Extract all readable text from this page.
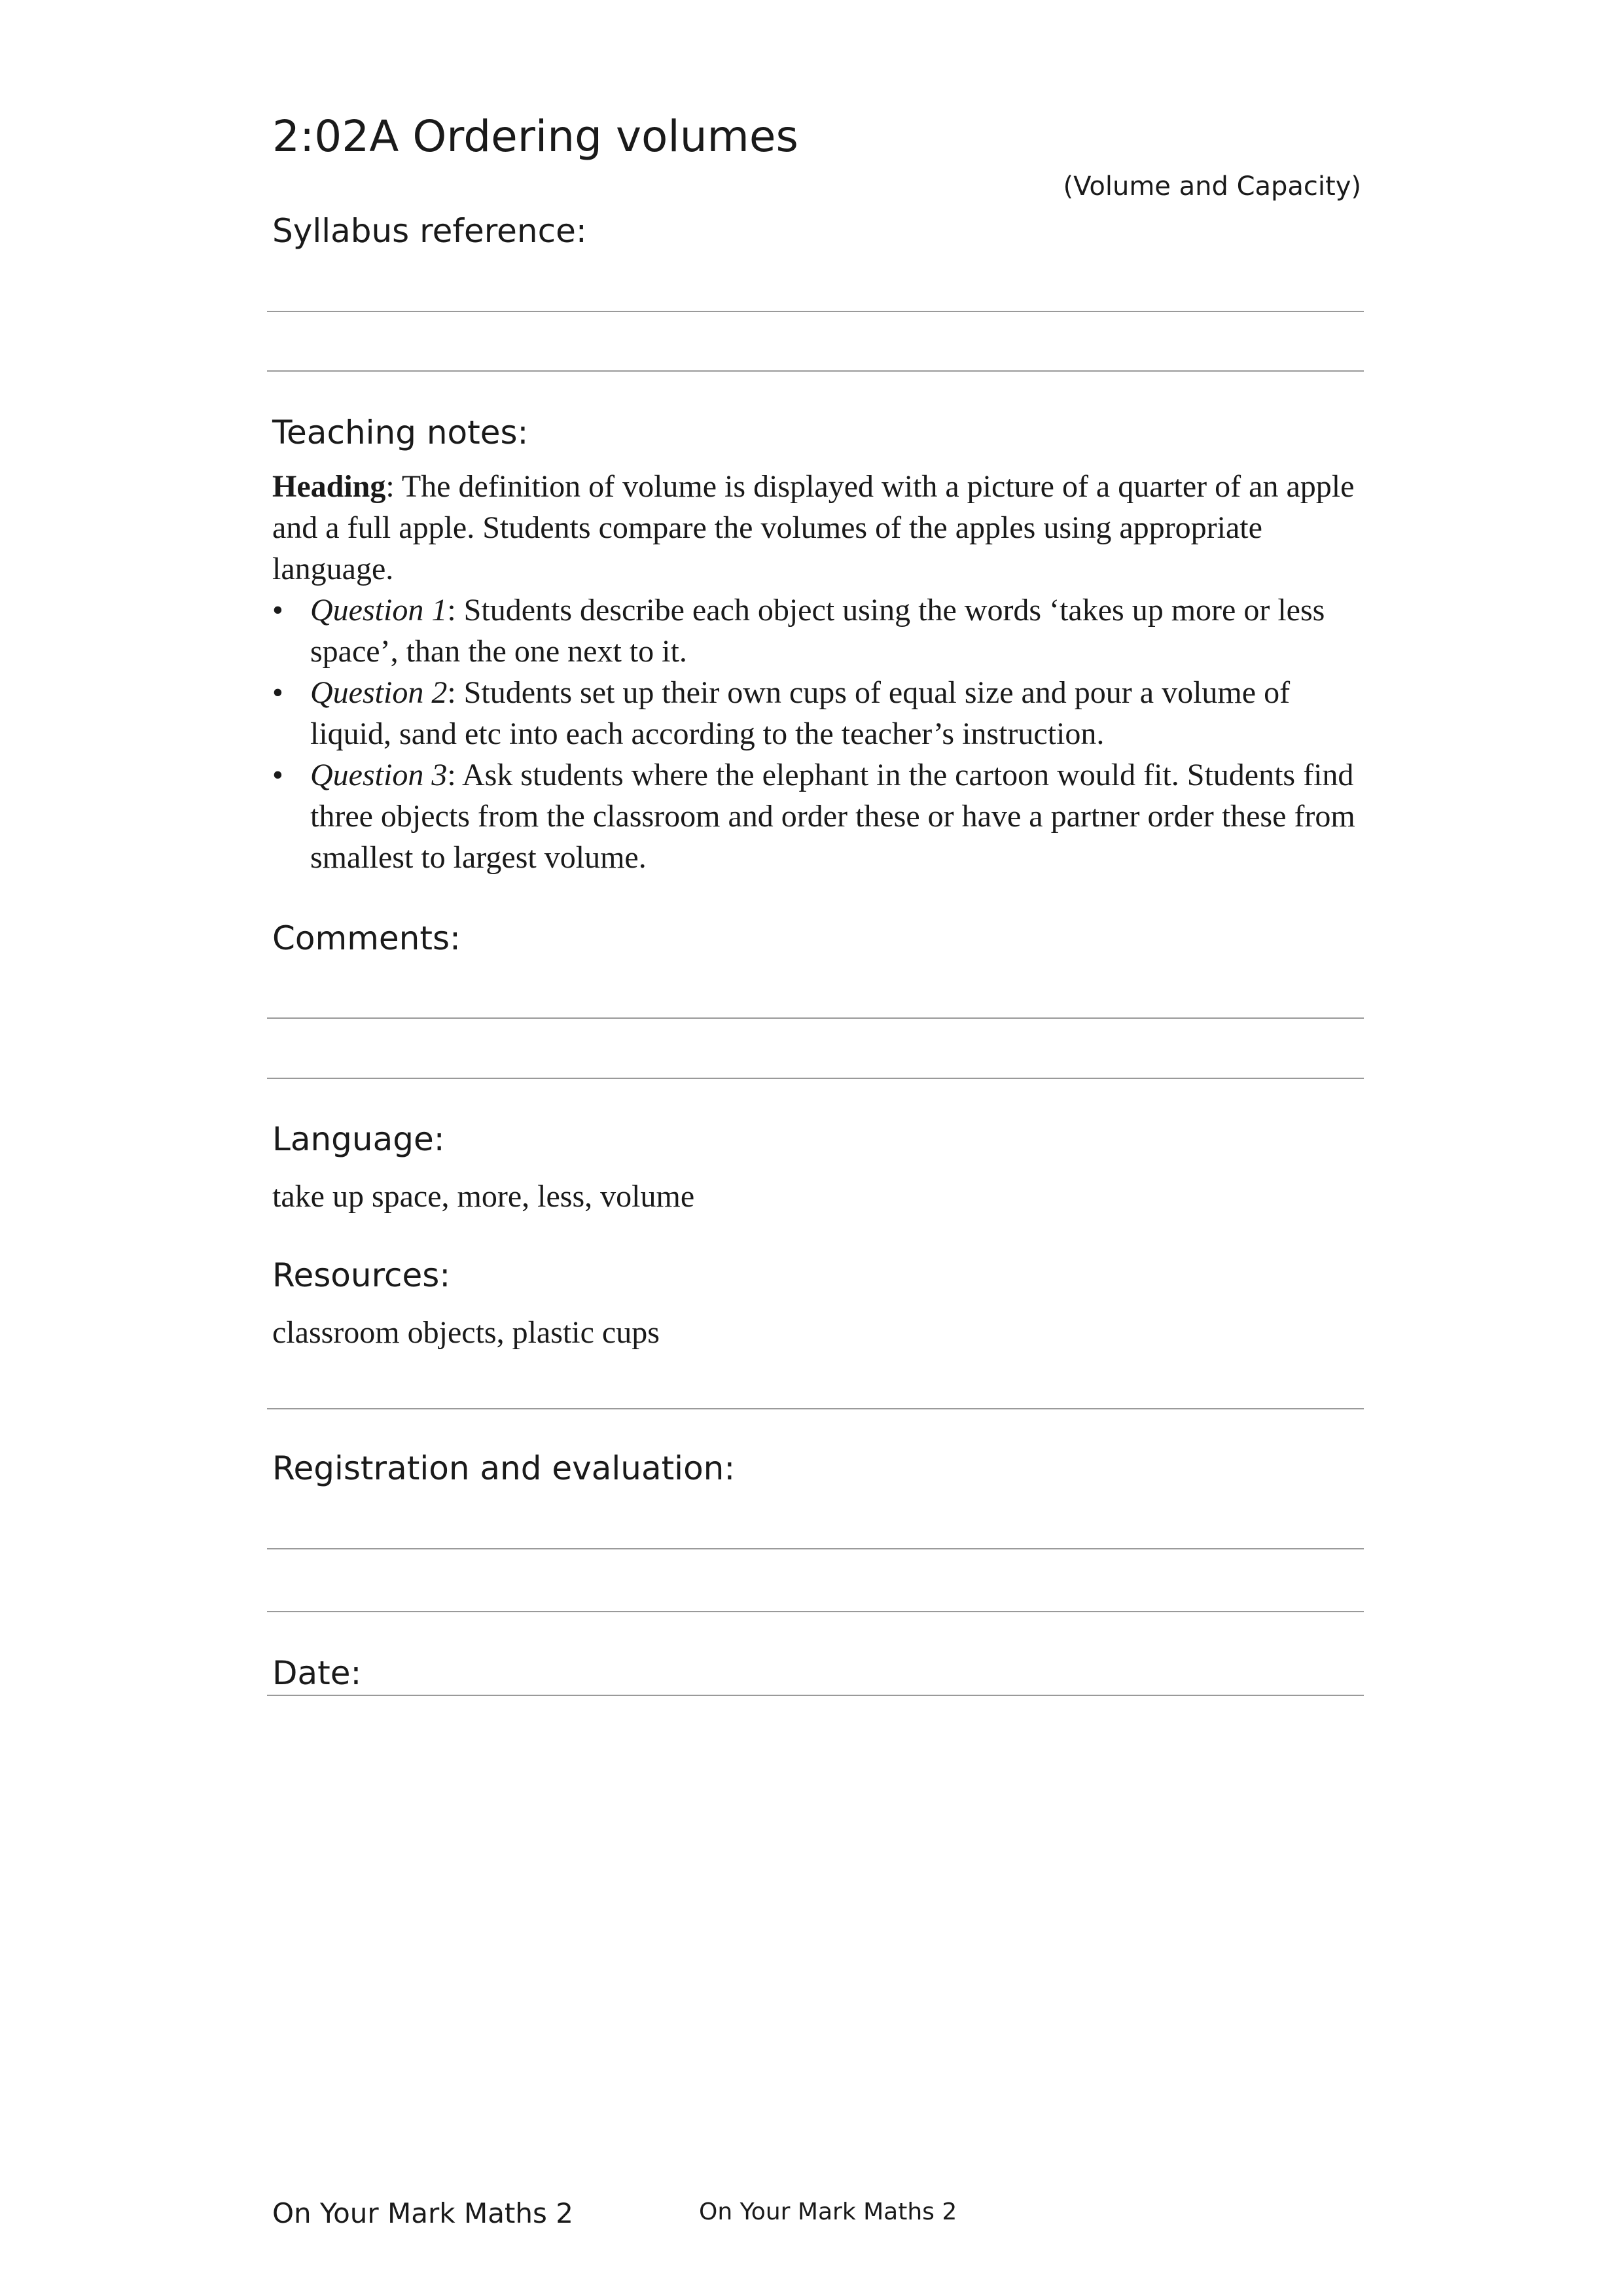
2:02A Ordering volumes
(Volume and Capacity)
Syllabus reference:
Teaching notes:

Heading: The definition of volume is displayed with a picture of a quarter of an apple and a full apple. Students compare the volumes of the apples using appropriate language.

• Question 1: Students describe each object using the words ‘takes up more or less space’, than the one next to it.
• Question 2: Students set up their own cups of equal size and pour a volume of liquid, sand etc into each according to the teacher’s instruction.
• Question 3: Ask students where the elephant in the cartoon would fit. Students find three objects from the classroom and order these or have a partner order these from smallest to largest volume.
Comments:
Language:
take up space, more, less, volume
Resources:
classroom objects, plastic cups
Registration and evaluation:
Date:
On Your Mark Maths 2	On Your Mark Maths 2
